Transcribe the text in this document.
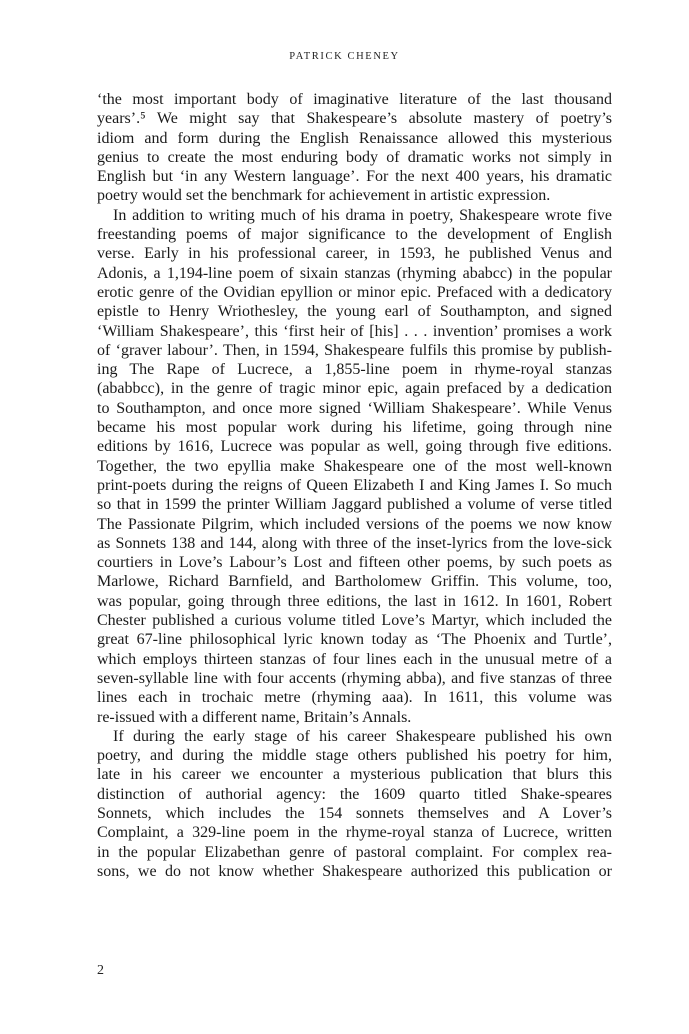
PATRICK CHENEY
‘the most important body of imaginative literature of the last thousand
years’.⁵ We might say that Shakespeare’s absolute mastery of poetry’s
idiom and form during the English Renaissance allowed this mysterious
genius to create the most enduring body of dramatic works not simply in
English but ‘in any Western language’. For the next 400 years, his dramatic
poetry would set the benchmark for achievement in artistic expression.
In addition to writing much of his drama in poetry, Shakespeare wrote five
freestanding poems of major significance to the development of English
verse. Early in his professional career, in 1593, he published Venus and
Adonis, a 1,194-line poem of sixain stanzas (rhyming ababcc) in the popular
erotic genre of the Ovidian epyllion or minor epic. Prefaced with a dedicatory
epistle to Henry Wriothesley, the young earl of Southampton, and signed
‘William Shakespeare’, this ‘first heir of [his] . . . invention’ promises a work
of ‘graver labour’. Then, in 1594, Shakespeare fulfils this promise by publish-
ing The Rape of Lucrece, a 1,855-line poem in rhyme-royal stanzas
(ababbcc), in the genre of tragic minor epic, again prefaced by a dedication
to Southampton, and once more signed ‘William Shakespeare’. While Venus
became his most popular work during his lifetime, going through nine
editions by 1616, Lucrece was popular as well, going through five editions.
Together, the two epyllia make Shakespeare one of the most well-known
print-poets during the reigns of Queen Elizabeth I and King James I. So much
so that in 1599 the printer William Jaggard published a volume of verse titled
The Passionate Pilgrim, which included versions of the poems we now know
as Sonnets 138 and 144, along with three of the inset-lyrics from the love-sick
courtiers in Love’s Labour’s Lost and fifteen other poems, by such poets as
Marlowe, Richard Barnfield, and Bartholomew Griffin. This volume, too,
was popular, going through three editions, the last in 1612. In 1601, Robert
Chester published a curious volume titled Love’s Martyr, which included the
great 67-line philosophical lyric known today as ‘The Phoenix and Turtle’,
which employs thirteen stanzas of four lines each in the unusual metre of a
seven-syllable line with four accents (rhyming abba), and five stanzas of three
lines each in trochaic metre (rhyming aaa). In 1611, this volume was
re-issued with a different name, Britain’s Annals.
If during the early stage of his career Shakespeare published his own
poetry, and during the middle stage others published his poetry for him,
late in his career we encounter a mysterious publication that blurs this
distinction of authorial agency: the 1609 quarto titled Shake-speares
Sonnets, which includes the 154 sonnets themselves and A Lover’s
Complaint, a 329-line poem in the rhyme-royal stanza of Lucrece, written
in the popular Elizabethan genre of pastoral complaint. For complex rea-
sons, we do not know whether Shakespeare authorized this publication or
2
